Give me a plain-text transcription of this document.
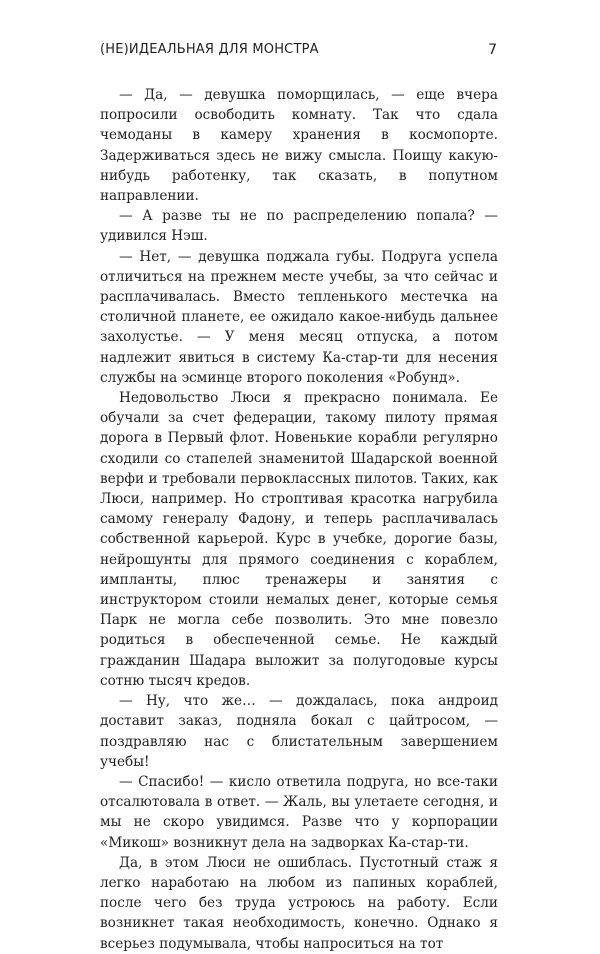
(НЕ)ИДЕАЛЬНАЯ ДЛЯ МОНСТРА	7

— Да, — девушка поморщилась, — еще вчера попросили освободить комнату. Так что сдала чемоданы в камеру хранения в космопорте. Задерживаться здесь не вижу смысла. Поищу какую-нибудь работенку, так сказать, в попутном направлении.

— А разве ты не по распределению попала? — удивился Нэш.

— Нет, — девушка поджала губы. Подруга успела отличиться на прежнем месте учебы, за что сейчас и расплачивалась. Вместо тепленького местечка на столичной планете, ее ожидало какое-нибудь дальнее захолустье. — У меня месяц отпуска, а потом надлежит явиться в систему Ка-стар-ти для несения службы на эсминце второго поколения «Робунд».

Недовольство Люси я прекрасно понимала. Ее обучали за счет федерации, такому пилоту прямая дорога в Первый флот. Новенькие корабли регулярно сходили со стапелей знаменитой Шадарской военной верфи и требовали первоклассных пилотов. Таких, как Люси, например. Но строптивая красотка нагрубила самому генералу Фадону, и теперь расплачивалась собственной карьерой. Курс в учебке, дорогие базы, нейрошунты для прямого соединения с кораблем, импланты, плюс тренажеры и занятия с инструктором стоили немалых денег, которые семья Парк не могла себе позволить. Это мне повезло родиться в обеспеченной семье. Не каждый гражданин Шадара выложит за полугодовые курсы сотню тысяч кредов.

— Ну, что же… — дождалась, пока андроид доставит заказ, подняла бокал с цайтросом, — поздравляю нас с блистательным завершением учебы!

— Спасибо! — кисло ответила подруга, но все-таки отсалютовала в ответ. — Жаль, вы улетаете сегодня, и мы не скоро увидимся. Разве что у корпорации «Микош» возникнут дела на задворках Ка-стар-ти.

Да, в этом Люси не ошиблась. Пустотный стаж я легко наработаю на любом из папиных кораблей, после чего без труда устроюсь на работу. Если возникнет такая необходимость, конечно. Однако я всерьез подумывала, чтобы напроситься на тот
